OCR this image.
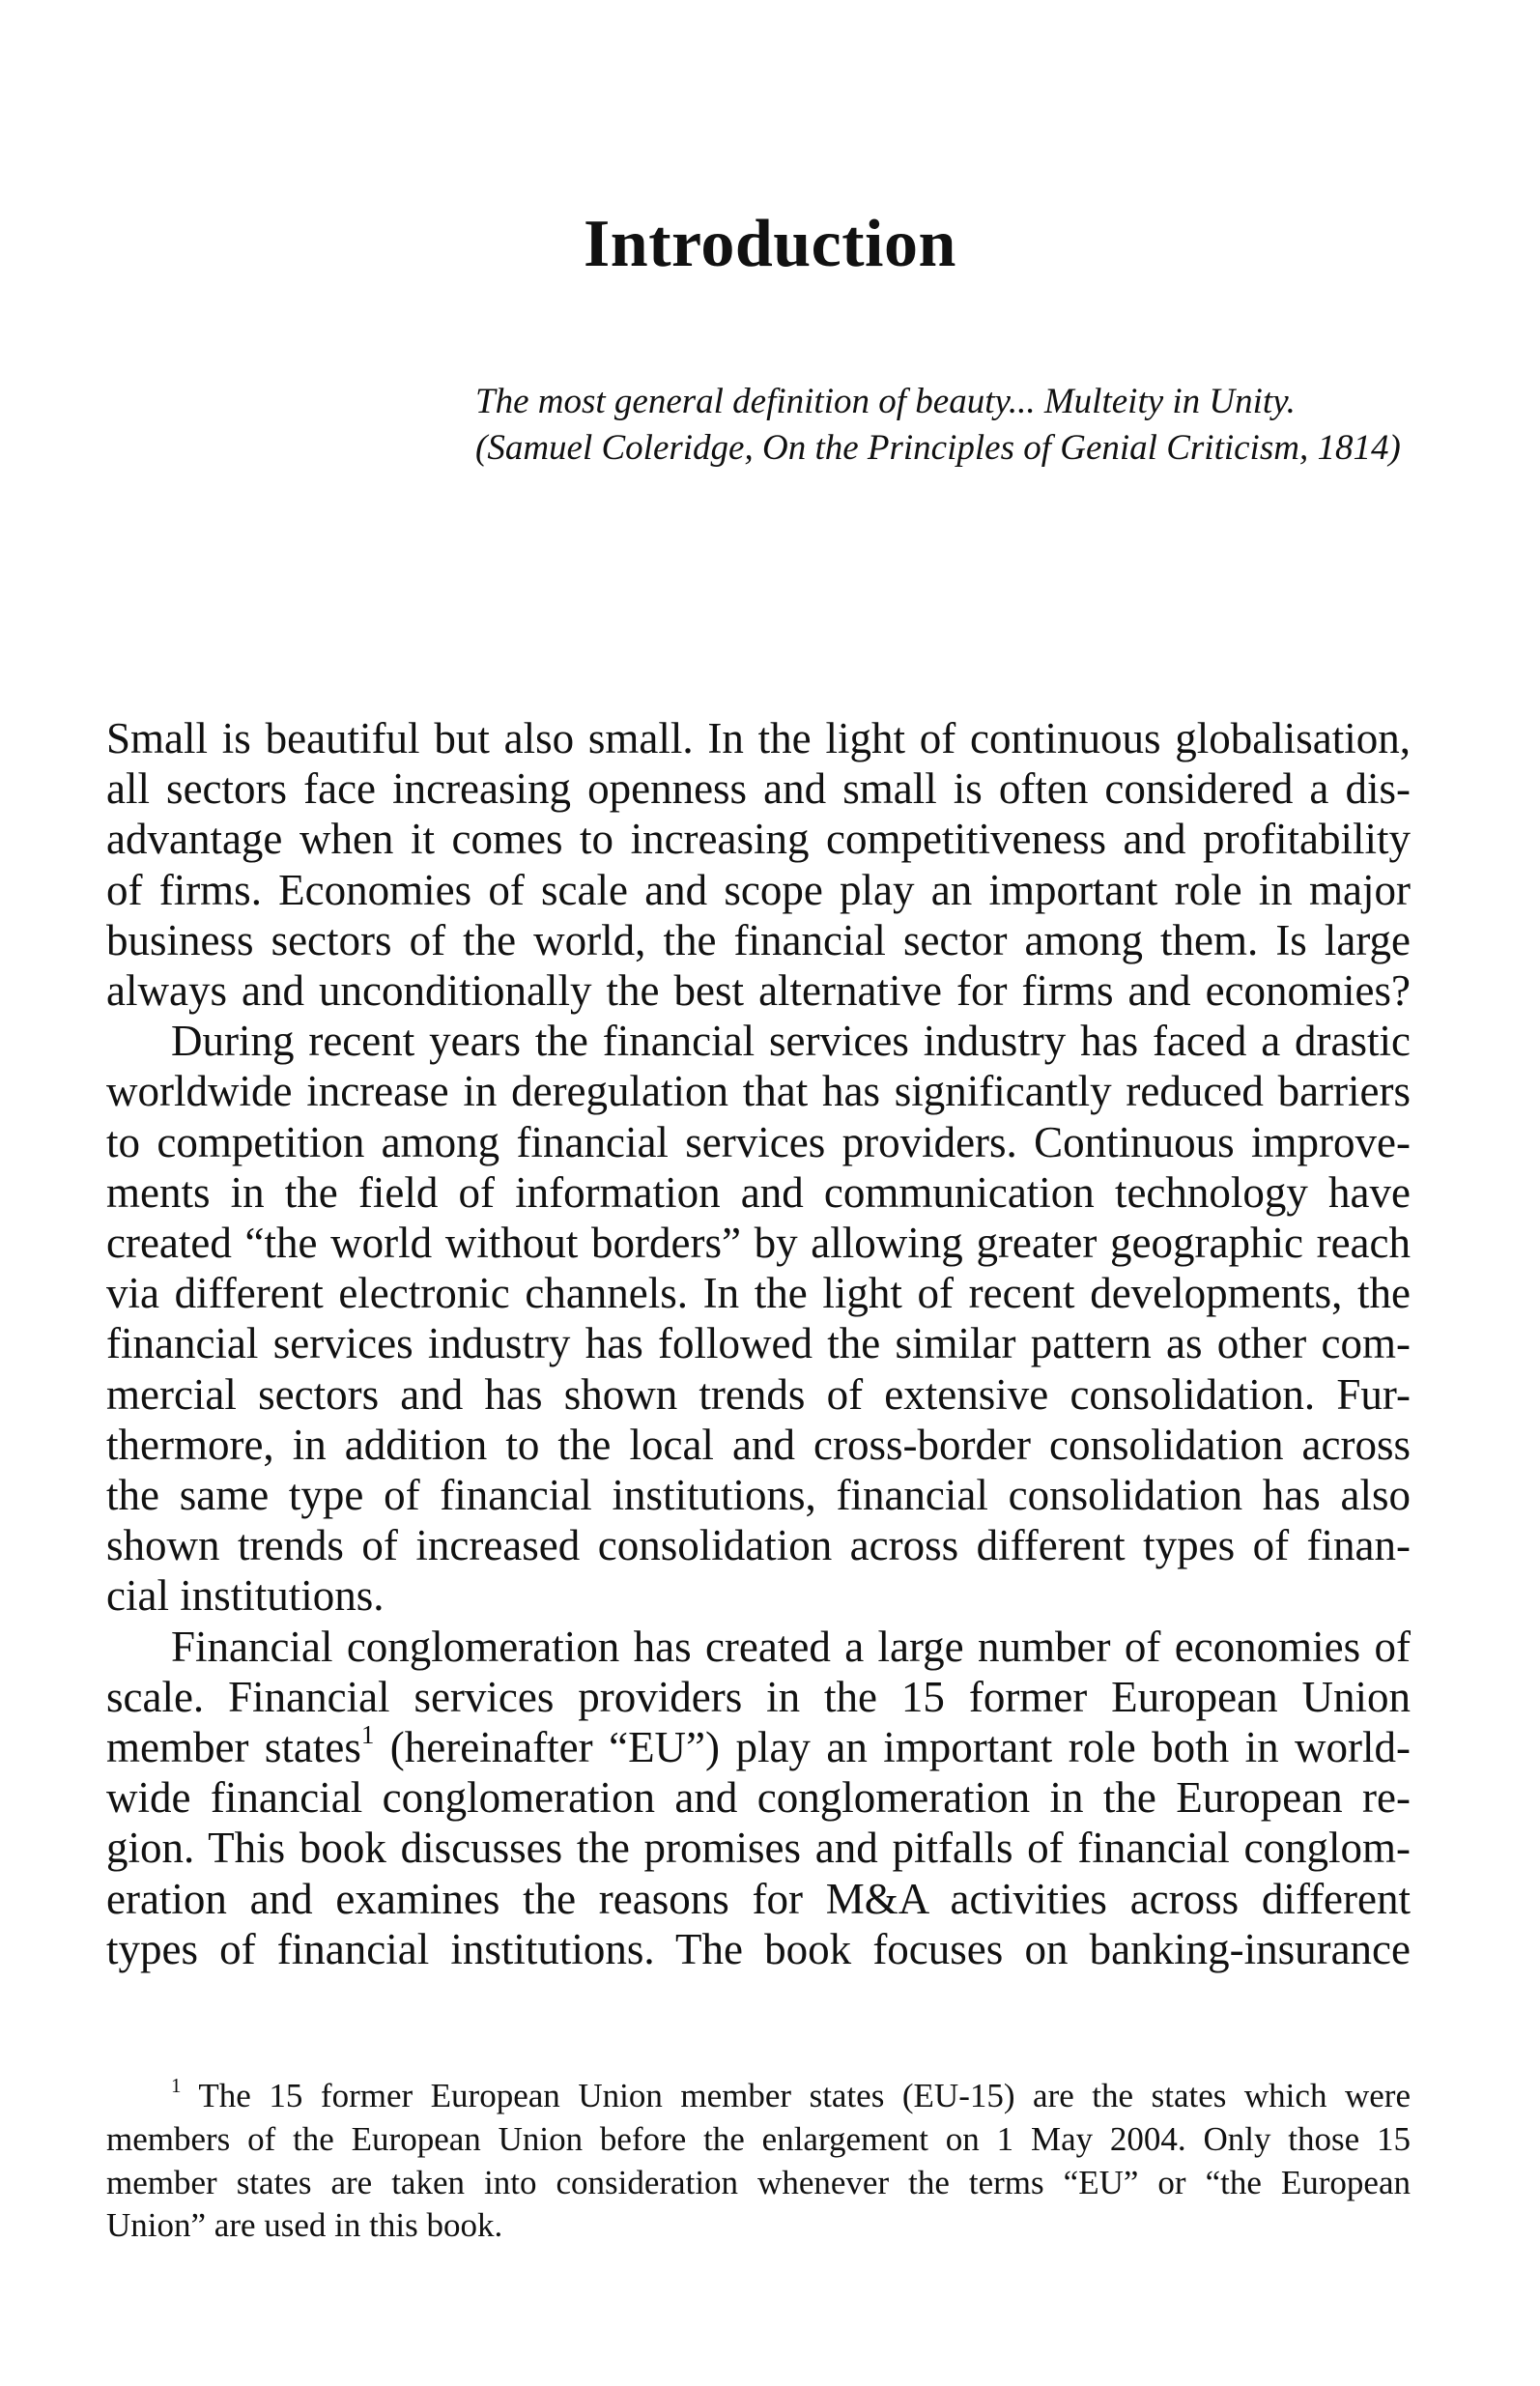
Introduction
The most general definition of beauty... Multeity in Unity.
(Samuel Coleridge, On the Principles of Genial Criticism, 1814)
Small is beautiful but also small. In the light of continuous globalisation,
all sectors face increasing openness and small is often considered a dis-
advantage when it comes to increasing competitiveness and profitability
of firms. Economies of scale and scope play an important role in major
business sectors of the world, the financial sector among them. Is large
always and unconditionally the best alternative for firms and economies?
During recent years the financial services industry has faced a drastic
worldwide increase in deregulation that has significantly reduced barriers
to competition among financial services providers. Continuous improve-
ments in the field of information and communication technology have
created “the world without borders” by allowing greater geographic reach
via different electronic channels. In the light of recent developments, the
financial services industry has followed the similar pattern as other com-
mercial sectors and has shown trends of extensive consolidation. Fur-
thermore, in addition to the local and cross-border consolidation across
the same type of financial institutions, financial consolidation has also
shown trends of increased consolidation across different types of finan-
cial institutions.
Financial conglomeration has created a large number of economies of
scale. Financial services providers in the 15 former European Union
member states$^1$ (hereinafter “EU”) play an important role both in world-
wide financial conglomeration and conglomeration in the European re-
gion. This book discusses the promises and pitfalls of financial conglom-
eration and examines the reasons for M&A activities across different
types of financial institutions. The book focuses on banking-insurance
$^1$ The 15 former European Union member states (EU-15) are the states which were
members of the European Union before the enlargement on 1 May 2004. Only those 15
member states are taken into consideration whenever the terms “EU” or “the European
Union” are used in this book.
